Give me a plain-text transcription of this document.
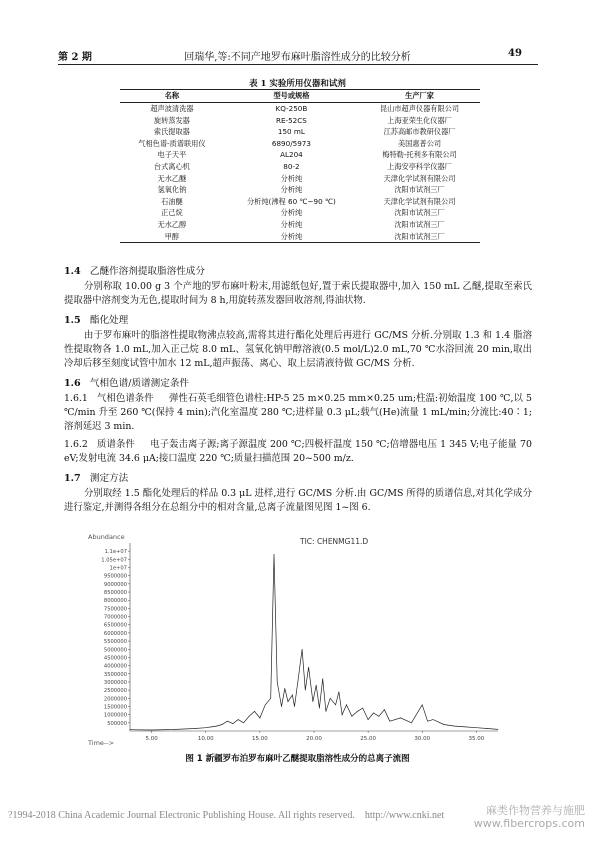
第 2 期	回瑞华,等:不同产地罗布麻叶脂溶性成分的比较分析	49
表 1 实验所用仪器和试剂
名称	型号或规格	生产厂家
超声波清洗器	KQ-250B	昆山市超声仪器有限公司
旋转蒸发器	RE-52CS	上海亚荣生化仪器厂
索氏提取器	150 mL	江苏高邮市教研仪器厂
气相色谱-质谱联用仪	6890/5973	美国惠普公司
电子天平	AL204	梅特勒-托利多有限公司
台式离心机	80-2	上海安亭科学仪器厂
无水乙醚	分析纯	天津化学试剂有限公司
氢氧化钠	分析纯	沈阳市试剂三厂
石油醚	分析纯(沸程 60 ℃~90 ℃)	天津化学试剂有限公司
正己烷	分析纯	沈阳市试剂三厂
无水乙醇	分析纯	沈阳市试剂三厂
甲醇	分析纯	沈阳市试剂三厂
1.4 乙醚作溶剂提取脂溶性成分
分别称取 10.00 g 3 个产地的罗布麻叶粉末,用滤纸包好,置于索氏提取器中,加入 150 mL 乙醚,提取至索氏提取器中溶剂变为无色,提取时间为 8 h,用旋转蒸发器回收溶剂,得油状物.
1.5 酯化处理
由于罗布麻叶的脂溶性提取物沸点较高,需将其进行酯化处理后再进行 GC/MS 分析.分别取 1.3 和 1.4 脂溶性提取物各 1.0 mL,加入正己烷 8.0 mL、氢氧化钠甲醇溶液(0.5 mol/L)2.0 mL,70 ℃水浴回流 20 min,取出冷却后移至刻度试管中加水 12 mL,超声振荡、离心、取上层清液待做 GC/MS 分析.
1.6 气相色谱/质谱测定条件
1.6.1 气相色谱条件 弹性石英毛细管色谱柱:HP-5 25 m×0.25 mm×0.25 um;柱温:初始温度 100 ℃,以 5 ℃/min 升至 260 ℃(保持 4 min);汽化室温度 280 ℃;进样量 0.3 μL;载气(He)流量 1 mL/min;分流比:40∶1;溶剂延迟 3 min.
1.6.2 质谱条件 电子轰击离子源;离子源温度 200 ℃;四极杆温度 150 ℃;倍增器电压 1 345 V;电子能量 70 eV;发射电流 34.6 μA;接口温度 220 ℃;质量扫描范围 20~500 m/z.
1.7 测定方法
分别取经 1.5 酯化处理后的样品 0.3 μL 进样,进行 GC/MS 分析.由 GC/MS 所得的质谱信息,对其化学成分进行鉴定,并测得各组分在总组分中的相对含量,总离子流量图见图 1~图 6.
Abundance	TIC: CHENMG11.D
Time-->
1.1e+07
1.05e+07
1e+07
9500000
9000000
8500000
8000000
7500000
7000000
6500000
6000000
5500000
5000000
4500000
4000000
3500000
3000000
2500000
2000000
1500000
1000000
500000
5.00	10.00	15.00	20.00	25.00	30.00	35.00
图 1 新疆罗布泊罗布麻叶乙醚提取脂溶性成分的总离子流图
?1994-2018 China Academic Journal Electronic Publishing House. All rights reserved. http://www.cnki.net	麻类作物营养与施肥
www.fibercrops.com
